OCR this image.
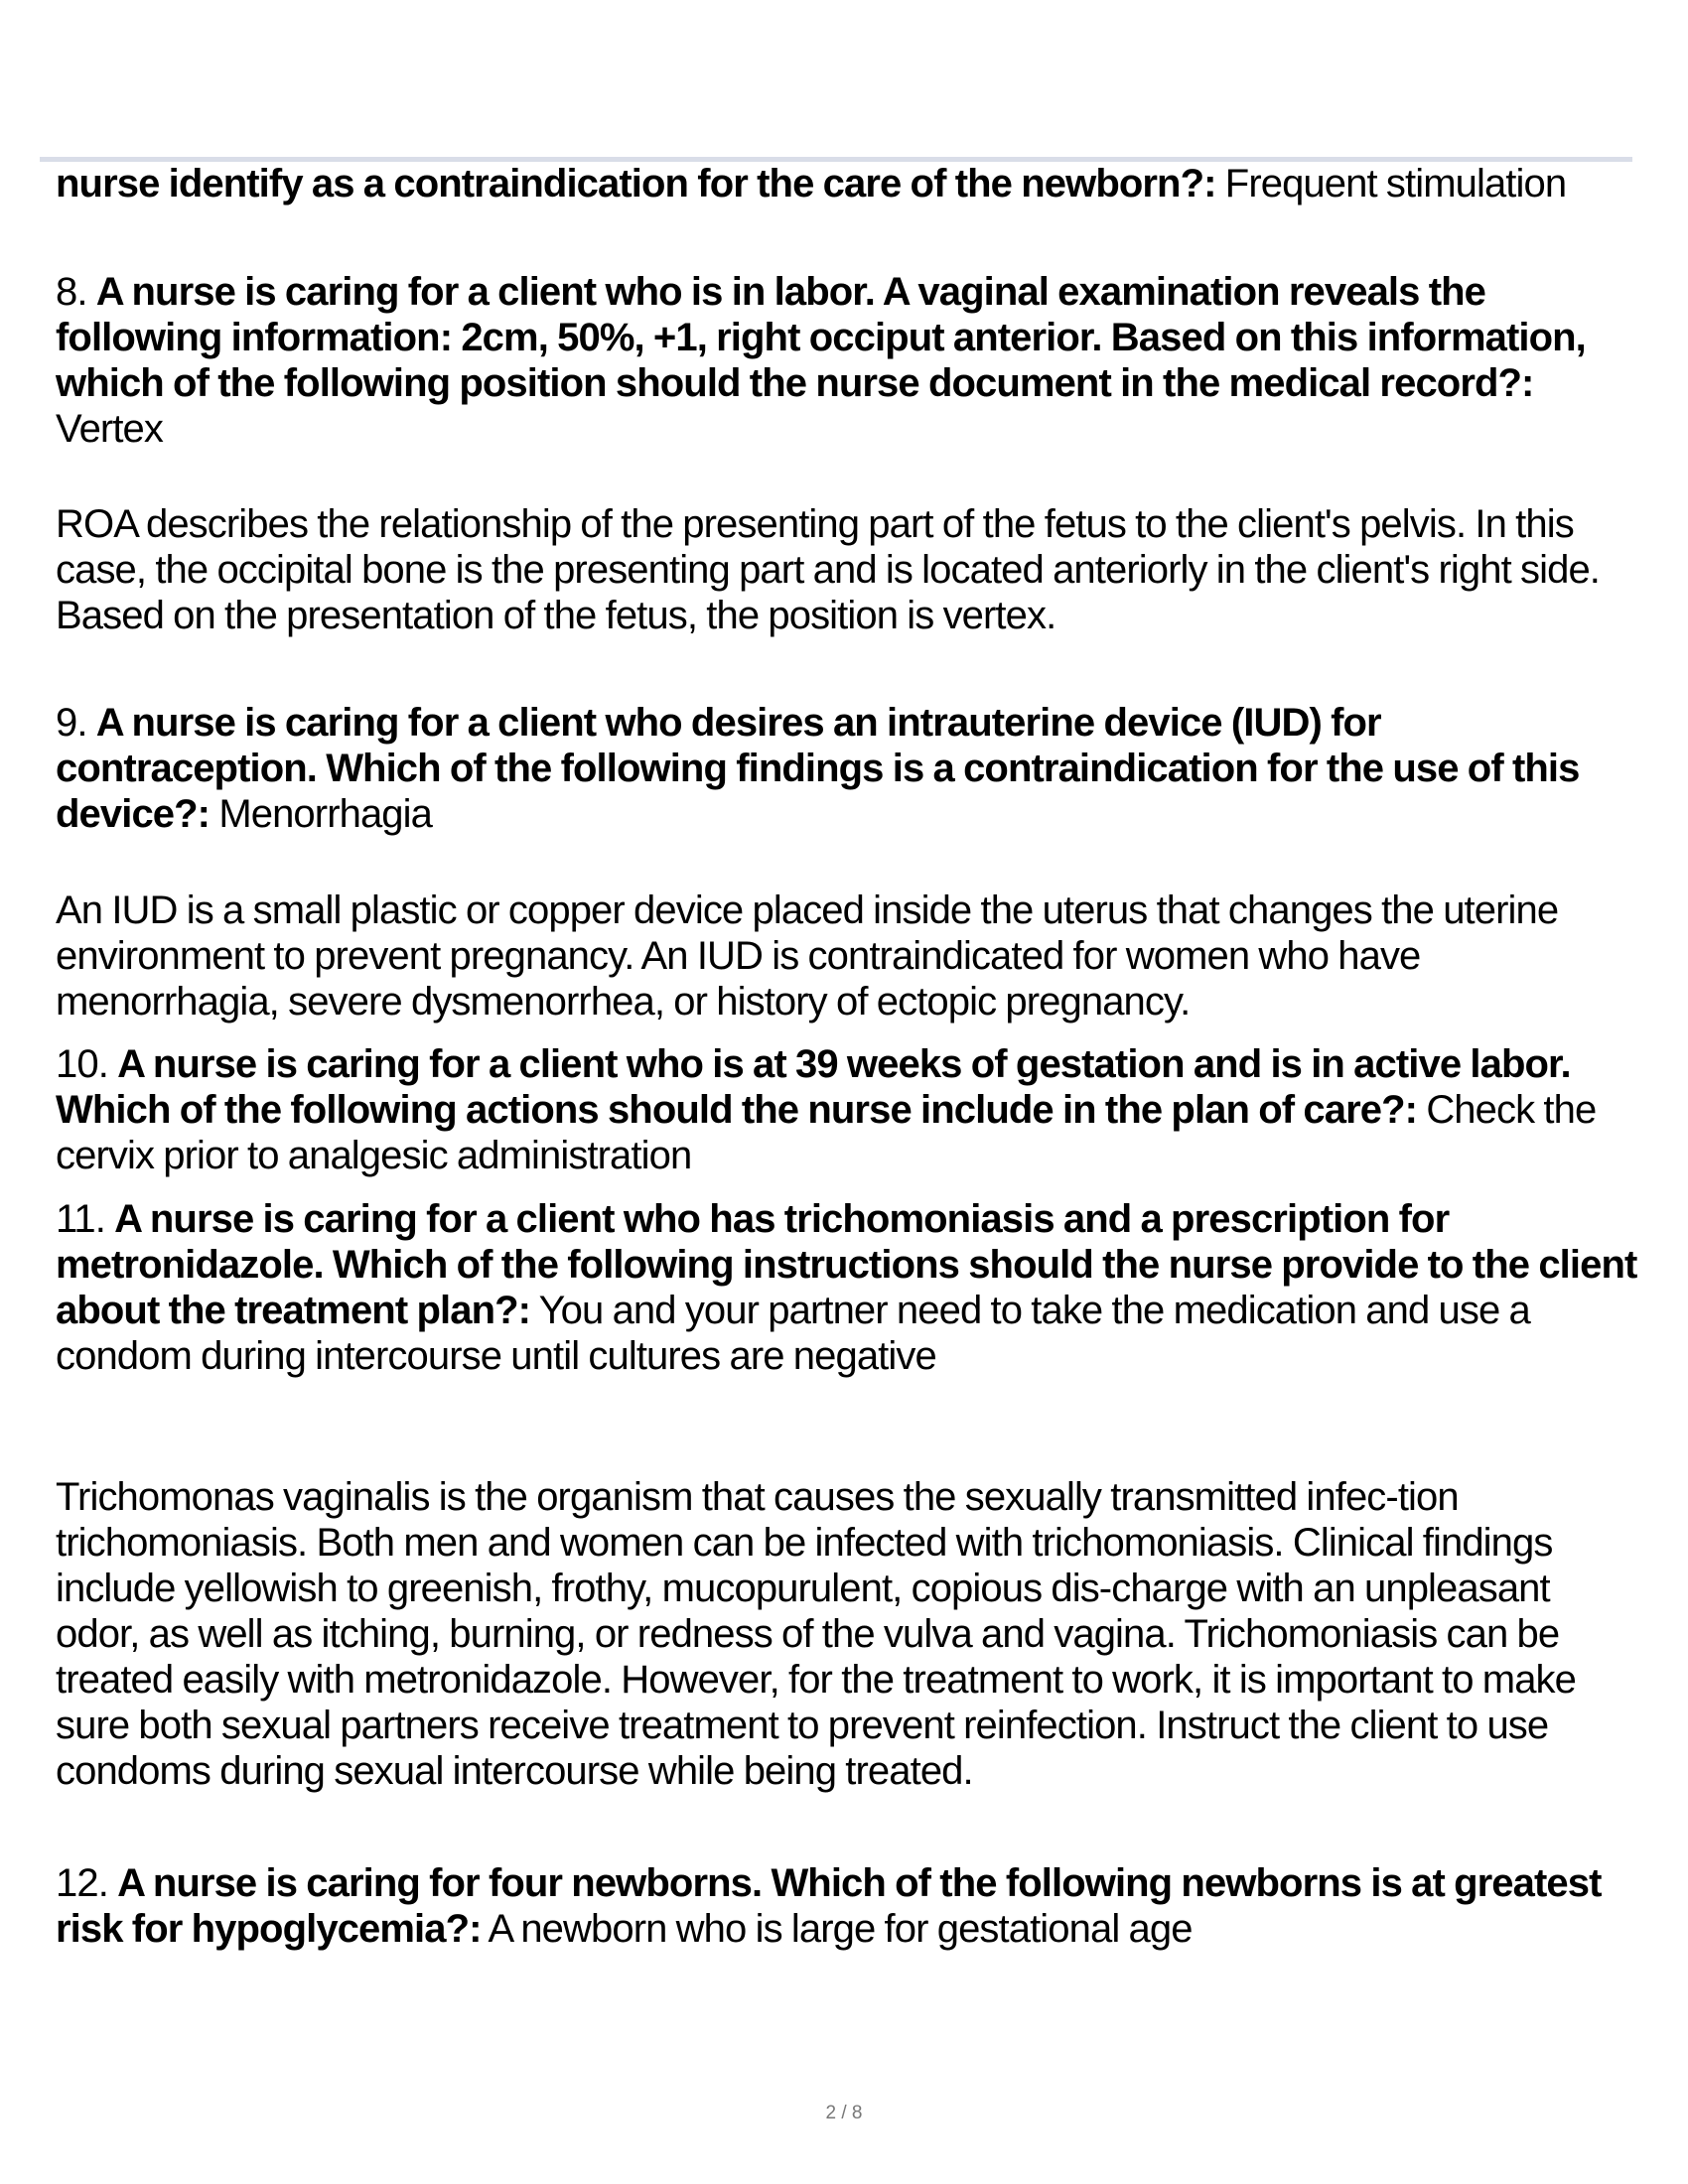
nurse identify as a contraindication for the care of the newborn?: Frequent stimulation
8. A nurse is caring for a client who is in labor. A vaginal examination reveals the following information: 2cm, 50%, +1, right occiput anterior. Based on this information, which of the following position should the nurse document in the medical record?: Vertex
ROA describes the relationship of the presenting part of the fetus to the client's pelvis. In this case, the occipital bone is the presenting part and is located anteriorly in the client's right side. Based on the presentation of the fetus, the position is vertex.
9. A nurse is caring for a client who desires an intrauterine device (IUD) for contraception. Which of the following findings is a contraindication for the use of this device?: Menorrhagia
An IUD is a small plastic or copper device placed inside the uterus that changes the uterine environment to prevent pregnancy. An IUD is contraindicated for women who have menorrhagia, severe dysmenorrhea, or history of ectopic pregnancy.
10. A nurse is caring for a client who is at 39 weeks of gestation and is in active labor. Which of the following actions should the nurse include in the plan of care?: Check the cervix prior to analgesic administration
11. A nurse is caring for a client who has trichomoniasis and a prescription for metronidazole. Which of the following instructions should the nurse provide to the client about the treatment plan?: You and your partner need to take the medication and use a condom during intercourse until cultures are negative
Trichomonas vaginalis is the organism that causes the sexually transmitted infec-tion trichomoniasis. Both men and women can be infected with trichomoniasis. Clinical findings include yellowish to greenish, frothy, mucopurulent, copious dis-charge with an unpleasant odor, as well as itching, burning, or redness of the vulva and vagina. Trichomoniasis can be treated easily with metronidazole. However, for the treatment to work, it is important to make sure both sexual partners receive treatment to prevent reinfection. Instruct the client to use condoms during sexual intercourse while being treated.
12. A nurse is caring for four newborns. Which of the following newborns is at greatest risk for hypoglycemia?: A newborn who is large for gestational age
2 / 8
